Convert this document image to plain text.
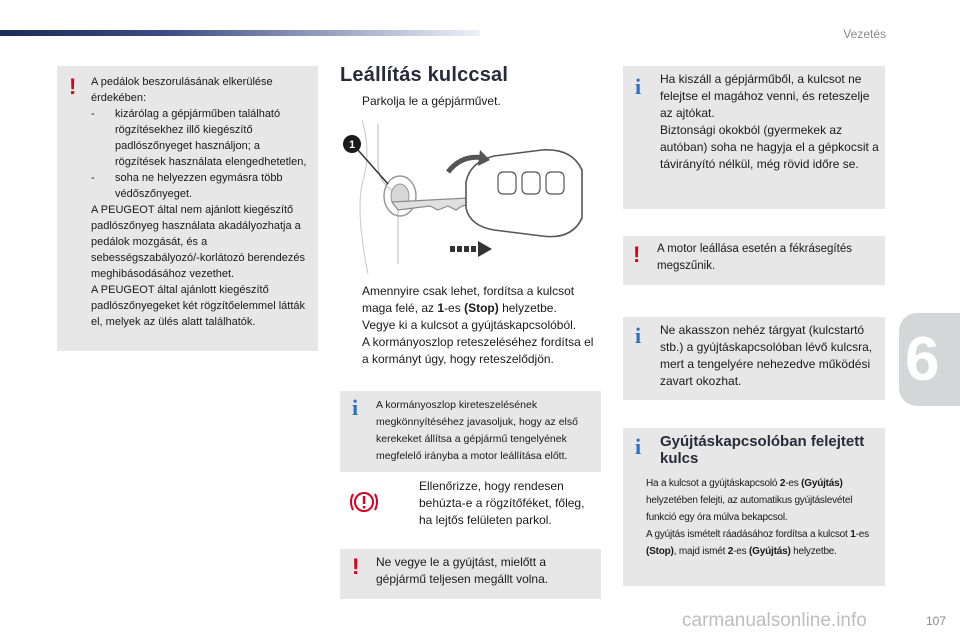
Vezetés
! A pedálok beszorulásának elkerülése érdekében:
- kizárólag a gépjárműben található rögzítésekhez illő kiegészítő padlószőnyeget használjon; a rögzítések használata elengedhetetlen,
- soha ne helyezzen egymásra több védőszőnyeget.
A PEUGEOT által nem ajánlott kiegészítő padlószőnyeg használata akadályozhatja a pedálok mozgását, és a sebességszabályozó/-korlátozó berendezés meghibásodásához vezethet.
A PEUGEOT által ajánlott kiegészítő padlószőnyegeket két rögzítőelemmel látták el, melyek az ülés alatt találhatók.
Leállítás kulccsal
Parkolja le a gépjárművet.
1
Amennyire csak lehet, fordítsa a kulcsot maga felé, az 1-es (Stop) helyzetbe.
Vegye ki a kulcsot a gyújtáskapcsolóból.
A kormányoszlop reteszeléséhez fordítsa el a kormányt úgy, hogy reteszelődjön.
i A kormányoszlop kireteszelésének megkönnyítéséhez javasoljuk, hogy az első kerekeket állítsa a gépjármű tengelyének megfelelő irányba a motor leállítása előtt.
Ellenőrizze, hogy rendesen behúzta-e a rögzítőféket, főleg, ha lejtős felületen parkol.
! Ne vegye le a gyújtást, mielőtt a gépjármű teljesen megállt volna.
i Ha kiszáll a gépjárműből, a kulcsot ne felejtse el magához venni, és reteszelje az ajtókat.
Biztonsági okokból (gyermekek az autóban) soha ne hagyja el a gépkocsit a távirányító nélkül, még rövid időre se.
! A motor leállása esetén a fékrásegítés megszűnik.
i Ne akasszon nehéz tárgyat (kulcstartó stb.) a gyújtáskapcsolóban lévő kulcsra, mert a tengelyére nehezedve működési zavart okozhat.
i Gyújtáskapcsolóban felejtett kulcs
Ha a kulcsot a gyújtáskapcsoló 2-es (Gyújtás) helyzetében felejti, az automatikus gyújtáslevétel funkció egy óra múlva bekapcsol.
A gyújtás ismételt ráadásához fordítsa a kulcsot 1-es (Stop), majd ismét 2-es (Gyújtás) helyzetbe.
6
carmanualsonline.info	107
